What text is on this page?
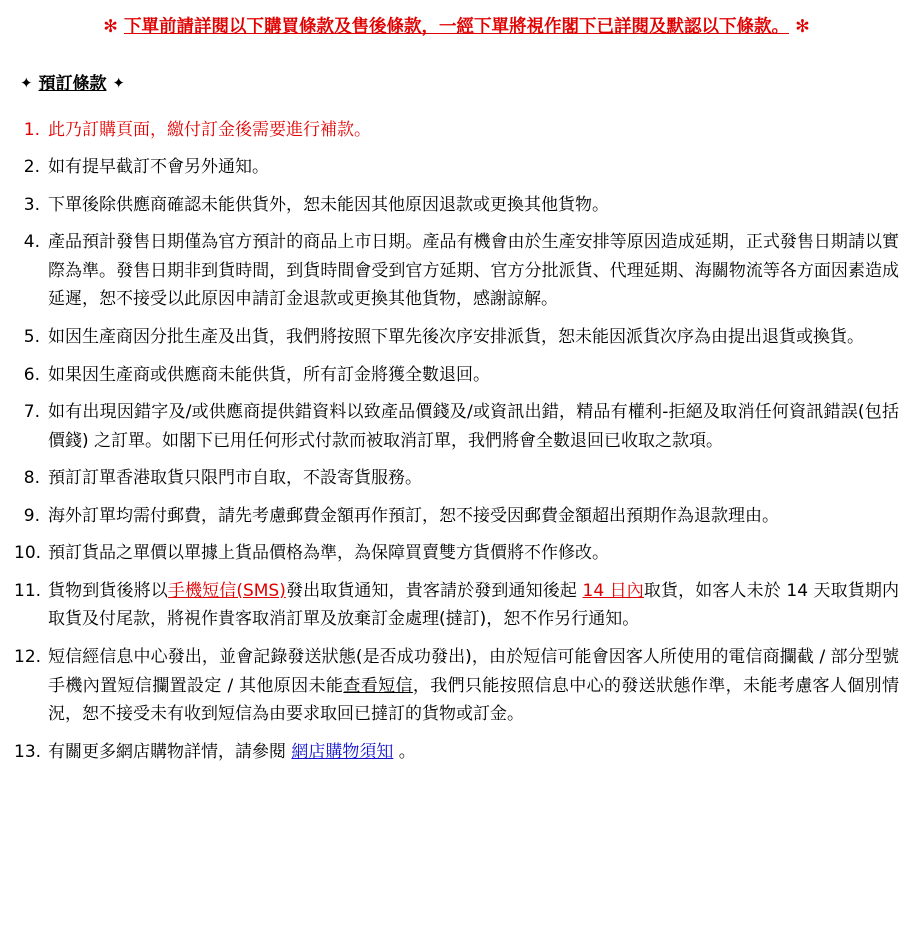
✻ 下單前請詳閱以下購買條款及售後條款，一經下單將視作閣下已詳閱及默認以下條款。 ✻
✦ 預訂條款 ✦
1. 此乃訂購頁面，繳付訂金後需要進行補款。
2. 如有提早截訂不會另外通知。
3. 下單後除供應商確認未能供貨外，恕未能因其他原因退款或更換其他貨物。
4. 產品預計發售日期僅為官方預計的商品上市日期。產品有機會由於生產安排等原因造成延期，正式發售日期請以實際為準。發售日期非到貨時間，到貨時間會受到官方延期、官方分批派貨、代理延期、海關物流等各方面因素造成延遲，恕不接受以此原因申請訂金退款或更換其他貨物，感謝諒解。
5. 如因生產商因分批生產及出貨，我們將按照下單先後次序安排派貨，恕未能因派貨次序為由提出退貨或換貨。
6. 如果因生產商或供應商未能供貨，所有訂金將獲全數退回。
7. 如有出現因錯字及/或供應商提供錯資料以致產品價錢及/或資訊出錯，精品有權利-拒絕及取消任何資訊錯誤(包括價錢) 之訂單。如閣下已用任何形式付款而被取消訂單，我們將會全數退回已收取之款項。
8. 預訂訂單香港取貨只限門市自取，不設寄貨服務。
9. 海外訂單均需付郵費，請先考慮郵費金額再作預訂，恕不接受因郵費金額超出預期作為退款理由。
10. 預訂貨品之單價以單據上貨品價格為準，為保障買賣雙方貨價將不作修改。
11. 貨物到貨後將以手機短信(SMS)發出取貨通知，貴客請於發到通知後起 14 日內取貨，如客人未於 14 天取貨期内取貨及付尾款，將視作貴客取消訂單及放棄訂金處理(撻訂)，恕不作另行通知。
12. 短信經信息中心發出，並會記錄發送狀態(是否成功發出)，由於短信可能會因客人所使用的電信商攔截 / 部分型號手機內置短信攔置設定 / 其他原因未能查看短信，我們只能按照信息中心的發送狀態作準，未能考慮客人個別情況，恕不接受未有收到短信為由要求取回已撻訂的貨物或訂金。
13. 有關更多網店購物詳情，請參閱 網店購物須知 。
